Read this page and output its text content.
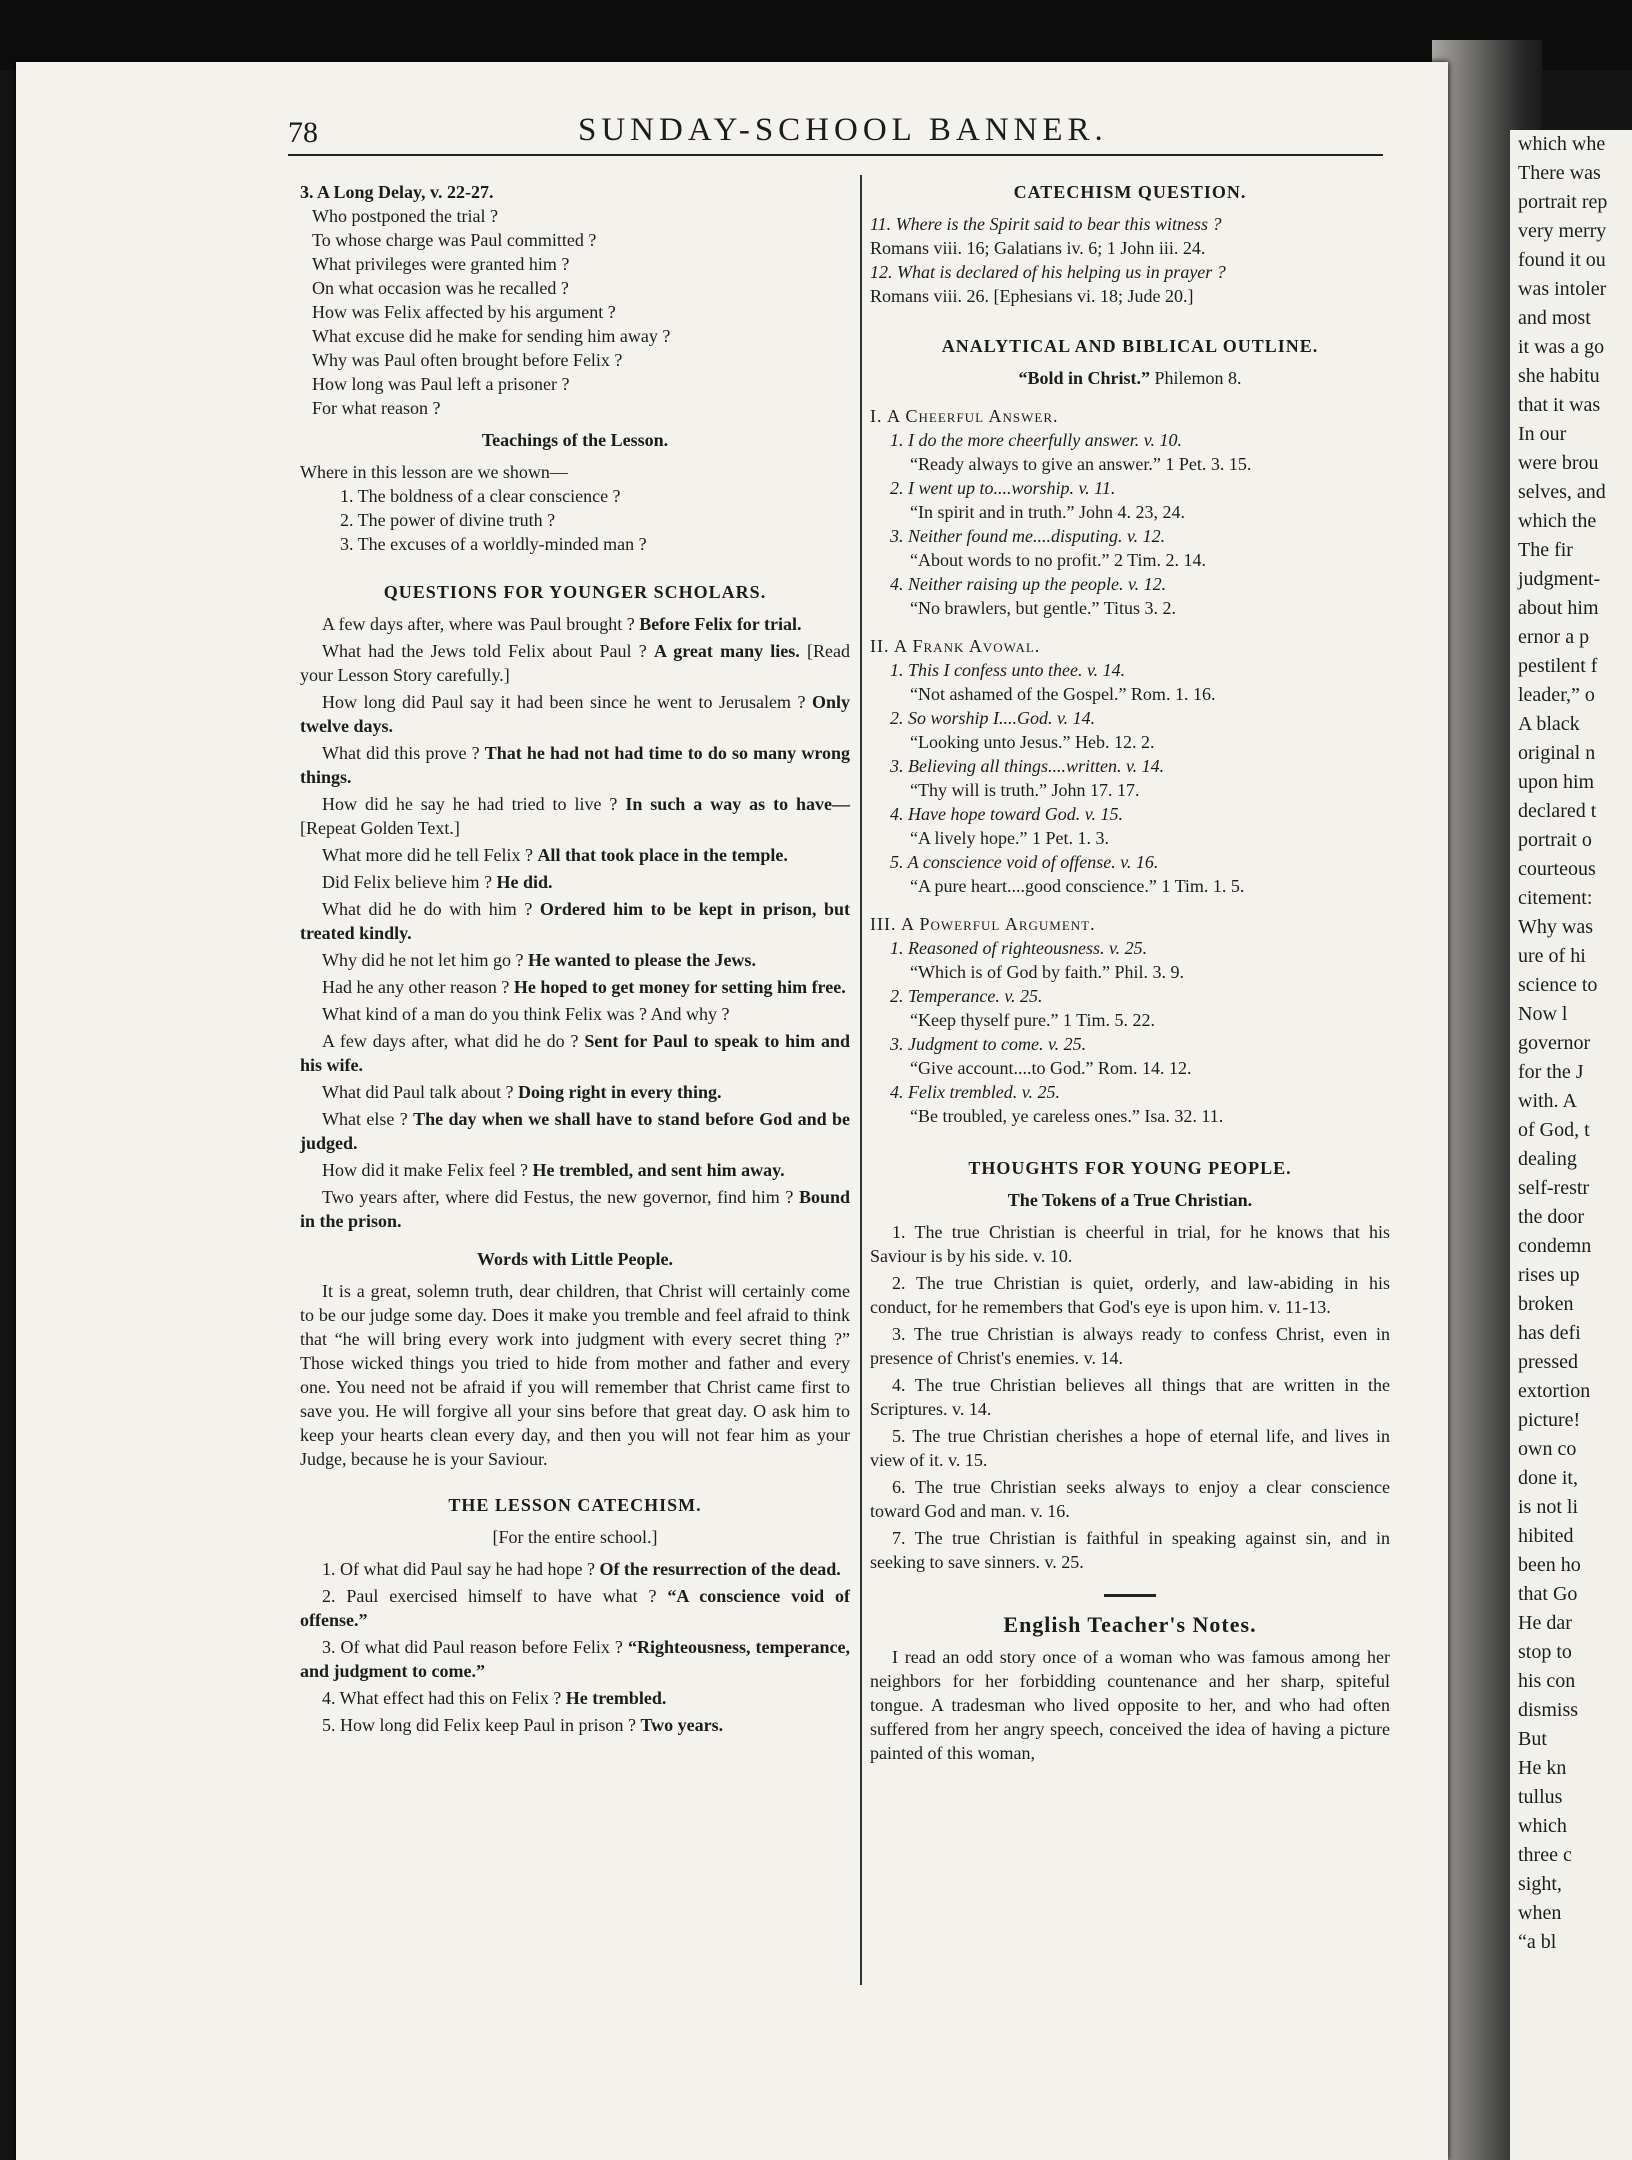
which whe
There was
portrait rep
very merry
found it ou
was intoler
and most
it was a go
she habitu
that it was
In our
were brou
selves, and
which the
The fir
judgment-
about him
ernor a p
pestilent f
leader,” o
A black
original n
upon him
declared t
portrait o
courteous
citement:
Why was
ure of hi
science to
Now l
governor
for the J
with. A
of God, t
dealing
self-restr
the door
condemn
rises up
broken
has defi
pressed
extortion
picture!
own co
done it,
is not li
hibited
been ho
that Go
He dar
stop to
his con
dismiss
But
He kn
tullus
which
three c
sight,
when
“a bl
78	SUNDAY-SCHOOL BANNER.

3. A Long Delay, v. 22-27.

Who postponed the trial ?

To whose charge was Paul committed ?

What privileges were granted him ?

On what occasion was he recalled ?

How was Felix affected by his argument ?

What excuse did he make for sending him away ?

Why was Paul often brought before Felix ?

How long was Paul left a prisoner ?

For what reason ?

Teachings of the Lesson.

Where in this lesson are we shown—

1. The boldness of a clear conscience ?

2. The power of divine truth ?

3. The excuses of a worldly-minded man ?

QUESTIONS FOR YOUNGER SCHOLARS.

A few days after, where was Paul brought ? Before Felix for trial.

What had the Jews told Felix about Paul ? A great many lies. [Read your Lesson Story carefully.]

How long did Paul say it had been since he went to Jerusalem ? Only twelve days.

What did this prove ? That he had not had time to do so many wrong things.

How did he say he had tried to live ? In such a way as to have— [Repeat Golden Text.]

What more did he tell Felix ? All that took place in the temple.

Did Felix believe him ? He did.

What did he do with him ? Ordered him to be kept in prison, but treated kindly.

Why did he not let him go ? He wanted to please the Jews.

Had he any other reason ? He hoped to get money for setting him free.

What kind of a man do you think Felix was ? And why ?

A few days after, what did he do ? Sent for Paul to speak to him and his wife.

What did Paul talk about ? Doing right in every thing.

What else ? The day when we shall have to stand before God and be judged.

How did it make Felix feel ? He trembled, and sent him away.

Two years after, where did Festus, the new governor, find him ? Bound in the prison.

Words with Little People.

It is a great, solemn truth, dear children, that Christ will certainly come to be our judge some day. Does it make you tremble and feel afraid to think that “he will bring every work into judgment with every secret thing ?” Those wicked things you tried to hide from mother and father and every one. You need not be afraid if you will remember that Christ came first to save you. He will forgive all your sins before that great day. O ask him to keep your hearts clean every day, and then you will not fear him as your Judge, because he is your Saviour.

THE LESSON CATECHISM.
[For the entire school.]

1. Of what did Paul say he had hope ? Of the resurrection of the dead.

2. Paul exercised himself to have what ? “A conscience void of offense.”

3. Of what did Paul reason before Felix ? “Righteousness, temperance, and judgment to come.”

4. What effect had this on Felix ? He trembled.

5. How long did Felix keep Paul in prison ? Two years.

CATECHISM QUESTION.

11. Where is the Spirit said to bear this witness ?

Romans viii. 16; Galatians iv. 6; 1 John iii. 24.

12. What is declared of his helping us in prayer ?

Romans viii. 26. [Ephesians vi. 18; Jude 20.]

ANALYTICAL AND BIBLICAL OUTLINE.
“Bold in Christ.” Philemon 8.

I. A Cheerful Answer.

1. I do the more cheerfully answer. v. 10.

“Ready always to give an answer.” 1 Pet. 3. 15.

2. I went up to....worship. v. 11.

“In spirit and in truth.” John 4. 23, 24.

3. Neither found me....disputing. v. 12.

“About words to no profit.” 2 Tim. 2. 14.

4. Neither raising up the people. v. 12.

“No brawlers, but gentle.” Titus 3. 2.

II. A Frank Avowal.

1. This I confess unto thee. v. 14.

“Not ashamed of the Gospel.” Rom. 1. 16.

2. So worship I....God. v. 14.

“Looking unto Jesus.” Heb. 12. 2.

3. Believing all things....written. v. 14.

“Thy will is truth.” John 17. 17.

4. Have hope toward God. v. 15.

“A lively hope.” 1 Pet. 1. 3.

5. A conscience void of offense. v. 16.

“A pure heart....good conscience.” 1 Tim. 1. 5.

III. A Powerful Argument.

1. Reasoned of righteousness. v. 25.

“Which is of God by faith.” Phil. 3. 9.

2. Temperance. v. 25.

“Keep thyself pure.” 1 Tim. 5. 22.

3. Judgment to come. v. 25.

“Give account....to God.” Rom. 14. 12.

4. Felix trembled. v. 25.

“Be troubled, ye careless ones.” Isa. 32. 11.

THOUGHTS FOR YOUNG PEOPLE.
The Tokens of a True Christian.

1. The true Christian is cheerful in trial, for he knows that his Saviour is by his side. v. 10.

2. The true Christian is quiet, orderly, and law-abiding in his conduct, for he remembers that God's eye is upon him. v. 11-13.

3. The true Christian is always ready to confess Christ, even in presence of Christ's enemies. v. 14.

4. The true Christian believes all things that are written in the Scriptures. v. 14.

5. The true Christian cherishes a hope of eternal life, and lives in view of it. v. 15.

6. The true Christian seeks always to enjoy a clear conscience toward God and man. v. 16.

7. The true Christian is faithful in speaking against sin, and in seeking to save sinners. v. 25.

English Teacher's Notes.

I read an odd story once of a woman who was famous among her neighbors for her forbidding countenance and her sharp, spiteful tongue. A tradesman who lived opposite to her, and who had often suffered from her angry speech, conceived the idea of having a picture painted of this woman,
